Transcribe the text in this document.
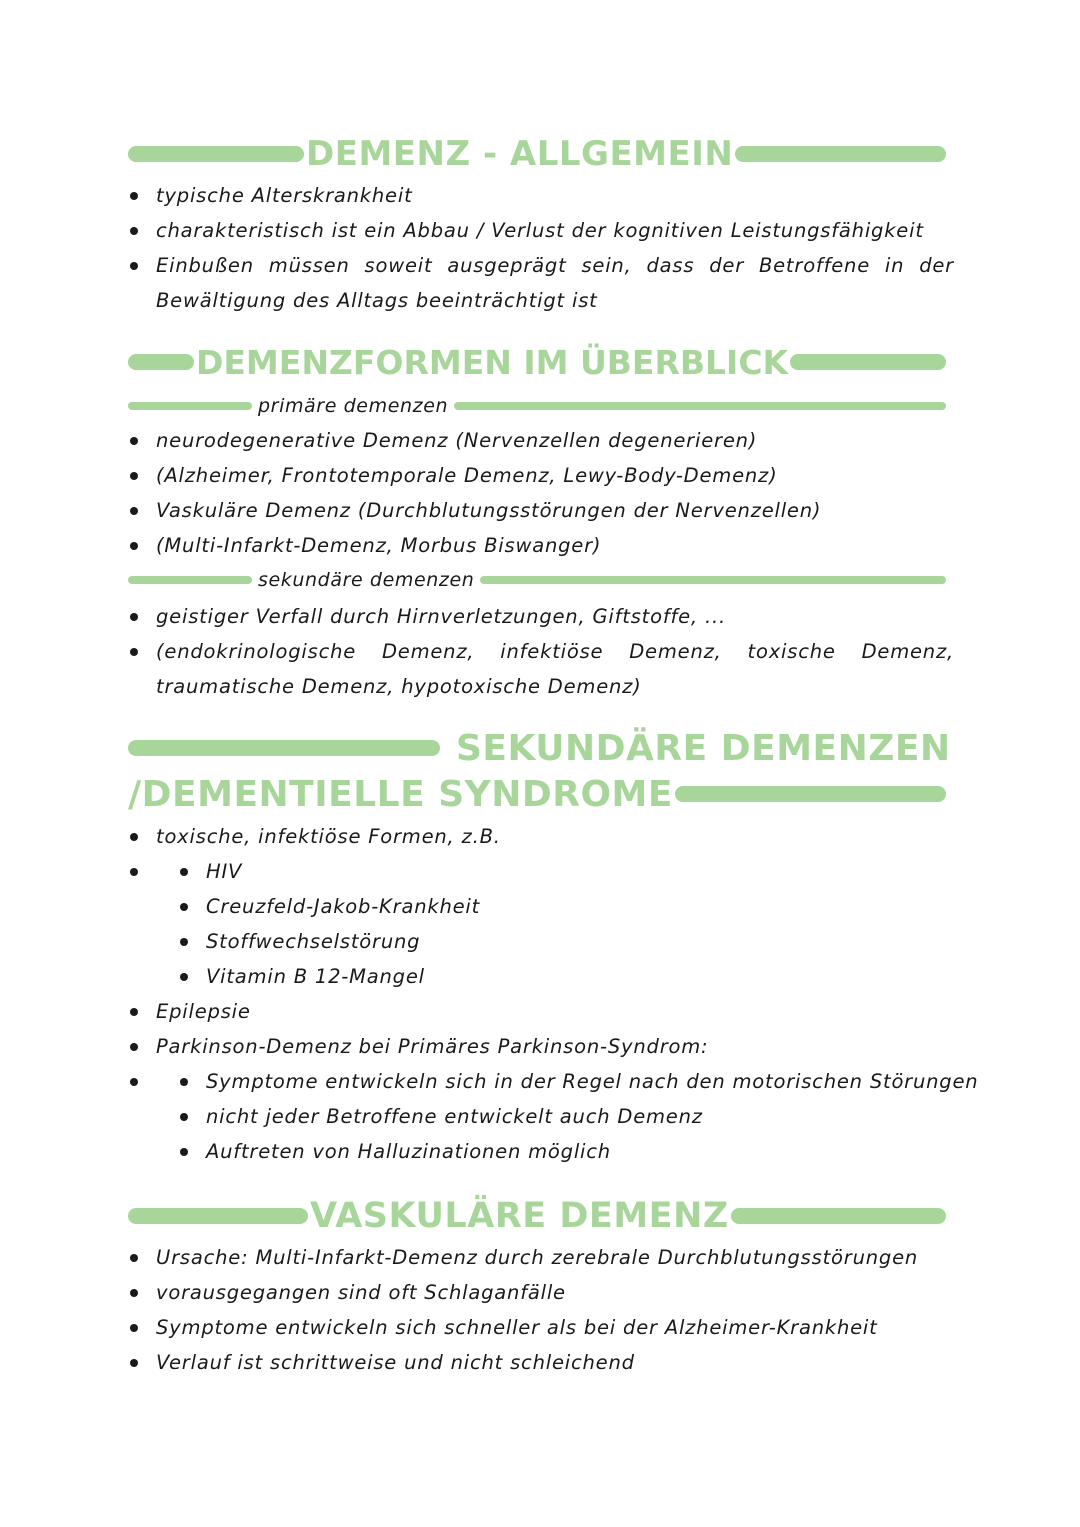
DEMENZ - ALLGEMEIN
typische Alterskrankheit
charakteristisch ist ein Abbau / Verlust der kognitiven Leistungsfähigkeit
Einbußen müssen soweit ausgeprägt sein, dass der Betroffene in der Bewältigung des Alltags beeinträchtigt ist
DEMENZFORMEN IM ÜBERBLICK
primäre demenzen
neurodegenerative Demenz (Nervenzellen degenerieren)
(Alzheimer, Frontotemporale Demenz, Lewy-Body-Demenz)
Vaskuläre Demenz (Durchblutungsstörungen der Nervenzellen)
(Multi-Infarkt-Demenz, Morbus Biswanger)
sekundäre demenzen
geistiger Verfall durch Hirnverletzungen, Giftstoffe, ...
(endokrinologische Demenz, infektiöse Demenz, toxische Demenz, traumatische Demenz, hypotoxische Demenz)
SEKUNDÄRE DEMENZEN
/DEMENTIELLE SYNDROME
toxische, infektiöse Formen, z.B.
HIV
Creuzfeld-Jakob-Krankheit
Stoffwechselstörung
Vitamin B 12-Mangel
Epilepsie
Parkinson-Demenz bei Primäres Parkinson-Syndrom:
Symptome entwickeln sich in der Regel nach den motorischen Störungen
nicht jeder Betroffene entwickelt auch Demenz
Auftreten von Halluzinationen möglich
VASKULÄRE DEMENZ
Ursache: Multi-Infarkt-Demenz durch zerebrale Durchblutungsstörungen
vorausgegangen sind oft Schlaganfälle
Symptome entwickeln sich schneller als bei der Alzheimer-Krankheit
Verlauf ist schrittweise und nicht schleichend
